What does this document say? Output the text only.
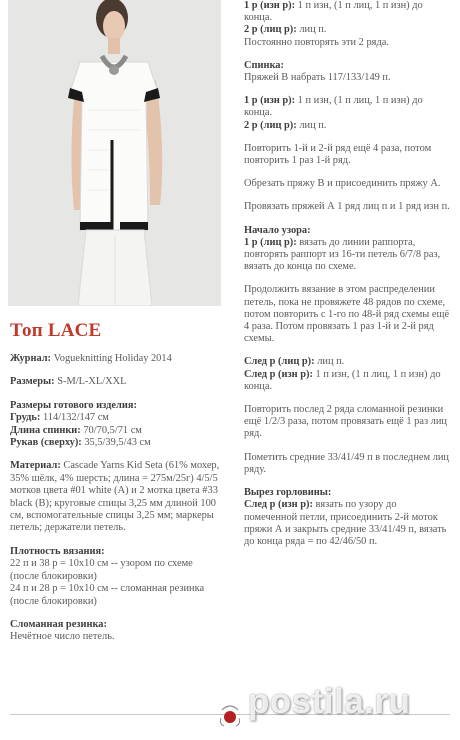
Топ LACE
Журнал: Vogueknitting Holiday 2014
Размеры: S-M/L-XL/XXL
Размеры готового изделия:
Грудь: 114/132/147 см
Длина спинки: 70/70,5/71 см
Рукав (сверху): 35,5/39,5/43 см
Материал: Cascade Yarns Kid Seta (61% мохер, 35% шёлк, 4% шерсть; длина = 275м/25г) 4/5/5 мотков цвета #01 white (A) и 2 мотка цвета #33 black (B); круговые спицы 3,25 мм длиной 100 см, вспомогательные спицы 3,25 мм; маркеры петель; держатели петель.
Плотность вязания:
22 п и 38 р = 10х10 см -- узором по схеме (после блокировки)
24 п и 28 р = 10х10 см -- сломанная резинка (после блокировки)
Сломанная резинка:
Нечётное число петель.
1 р (изн р): 1 п изн, (1 п лиц, 1 п изн) до конца.
2 р (лиц р): лиц п.
Постоянно повторять эти 2 ряда.
Спинка:
Пряжей B набрать 117/133/149 п.
1 р (изн р): 1 п изн, (1 п лиц, 1 п изн) до конца.
2 р (лиц р): лиц п.
Повторить 1-й и 2-й ряд ещё 4 раза, потом повторить 1 раз 1-й ряд.
Обрезать пряжу B и присоединить пряжу A.
Провязать пряжей А 1 ряд лиц п и 1 ряд изн п.
Начало узора:
1 р (лиц р): вязать до линии раппорта, повторять раппорт из 16-ти петель 6/7/8 раз, вязать до конца по схеме.
Продолжить вязание в этом распределении петель, пока не провяжете 48 рядов по схеме, потом повторить с 1-го по 48-й ряд схемы ещё 4 раза. Потом провязать 1 раз 1-й и 2-й ряд схемы.
След р (лиц р): лиц п.
След р (изн р): 1 п изн, (1 п лиц, 1 п изн) до конца.
Повторить послед 2 ряда сломанной резинки ещё 1/2/3 раза, потом провязать ещё 1 раз лиц ряд.
Пометить средние 33/41/49 п в последнем лиц ряду.
Вырез горловины:
След р (изн р): вязать по узору до помеченной петли, присоединить 2-й моток пряжи А и закрыть средние 33/41/49 п, вязать до конца ряда = по 42/46/50 п.
postila.ru
